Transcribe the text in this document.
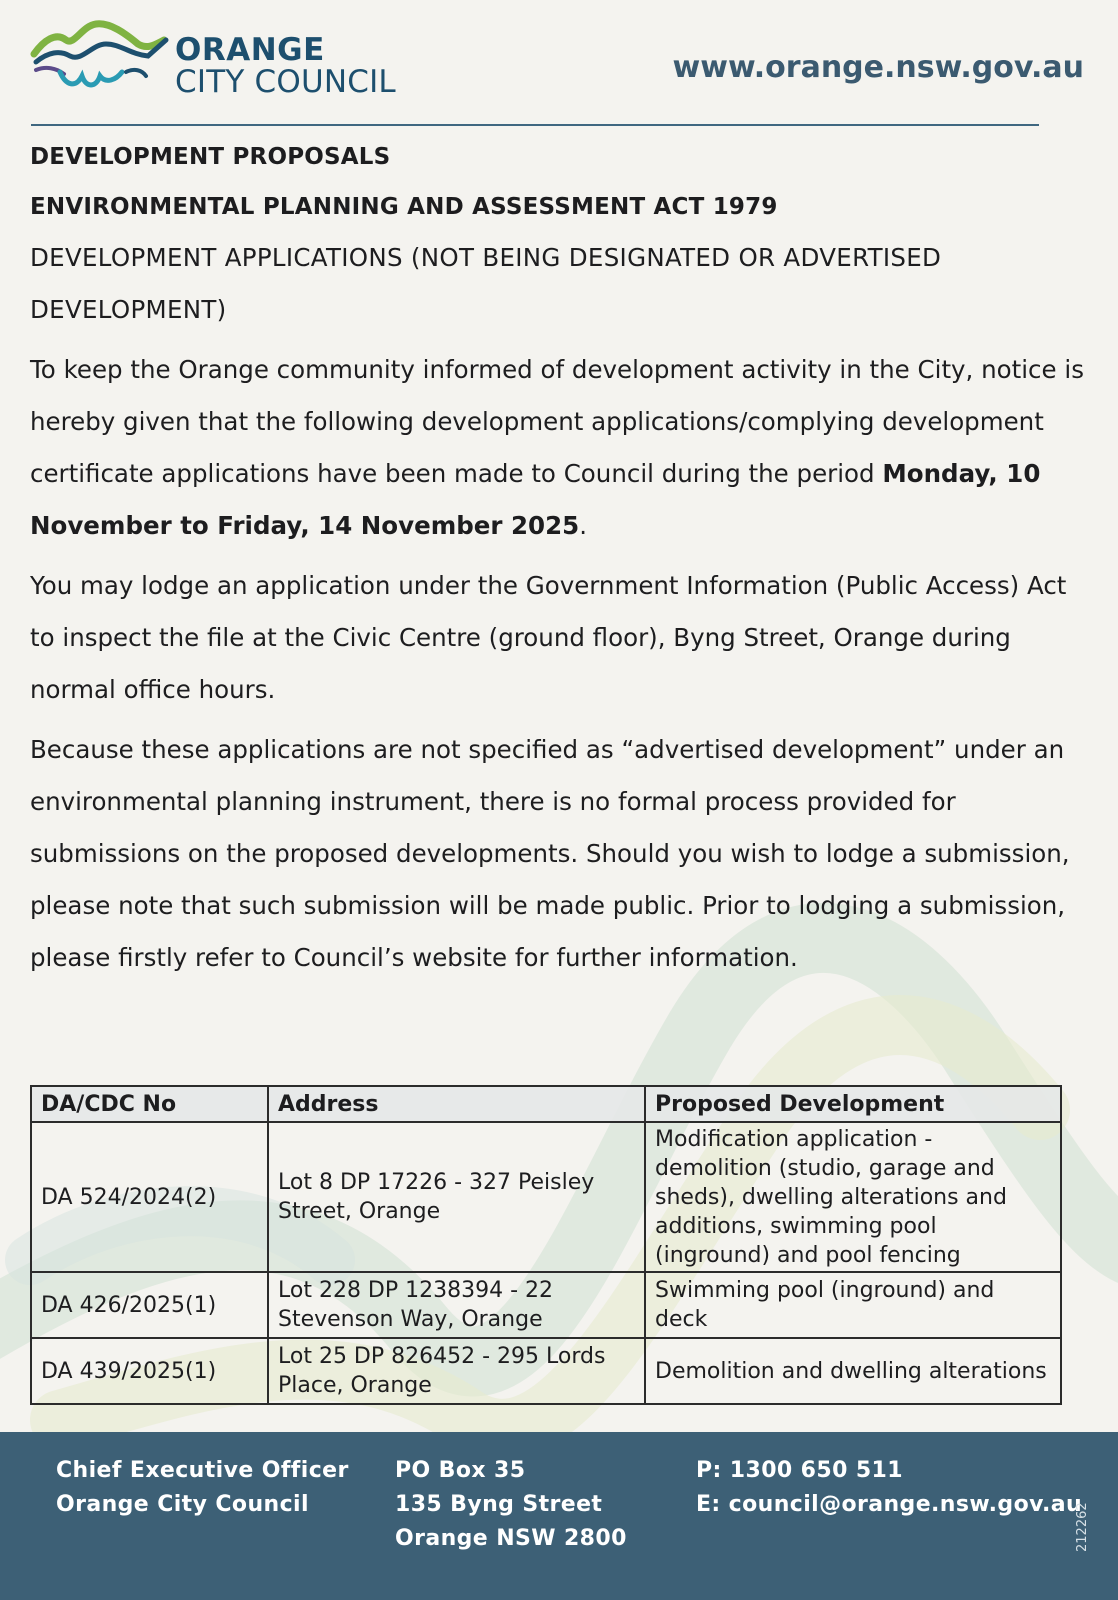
ORANGE
CITY COUNCIL	www.orange.nsw.gov.au

DEVELOPMENT PROPOSALS

ENVIRONMENTAL PLANNING AND ASSESSMENT ACT 1979

DEVELOPMENT APPLICATIONS (NOT BEING DESIGNATED OR ADVERTISED DEVELOPMENT)

To keep the Orange community informed of development activity in the City, notice is hereby given that the following development applications/complying development certificate applications have been made to Council during the period Monday, 10 November to Friday, 14 November 2025.

You may lodge an application under the Government Information (Public Access) Act to inspect the file at the Civic Centre (ground floor), Byng Street, Orange during normal office hours.

Because these applications are not specified as “advertised development” under an environmental planning instrument, there is no formal process provided for submissions on the proposed developments. Should you wish to lodge a submission, please note that such submission will be made public. Prior to lodging a submission, please firstly refer to Council’s website for further information.

DA/CDC No	Address	Proposed Development
DA 524/2024(2)	Lot 8 DP 17226 - 327 Peisley Street, Orange	Modification application - demolition (studio, garage and sheds), dwelling alterations and additions, swimming pool (inground) and pool fencing
DA 426/2025(1)	Lot 228 DP 1238394 - 22 Stevenson Way, Orange	Swimming pool (inground) and deck
DA 439/2025(1)	Lot 25 DP 826452 - 295 Lords Place, Orange	Demolition and dwelling alterations
Chief Executive Officer
Orange City Council
PO Box 35
135 Byng Street
Orange NSW 2800
P: 1300 650 511
E: council@orange.nsw.gov.au
212262
